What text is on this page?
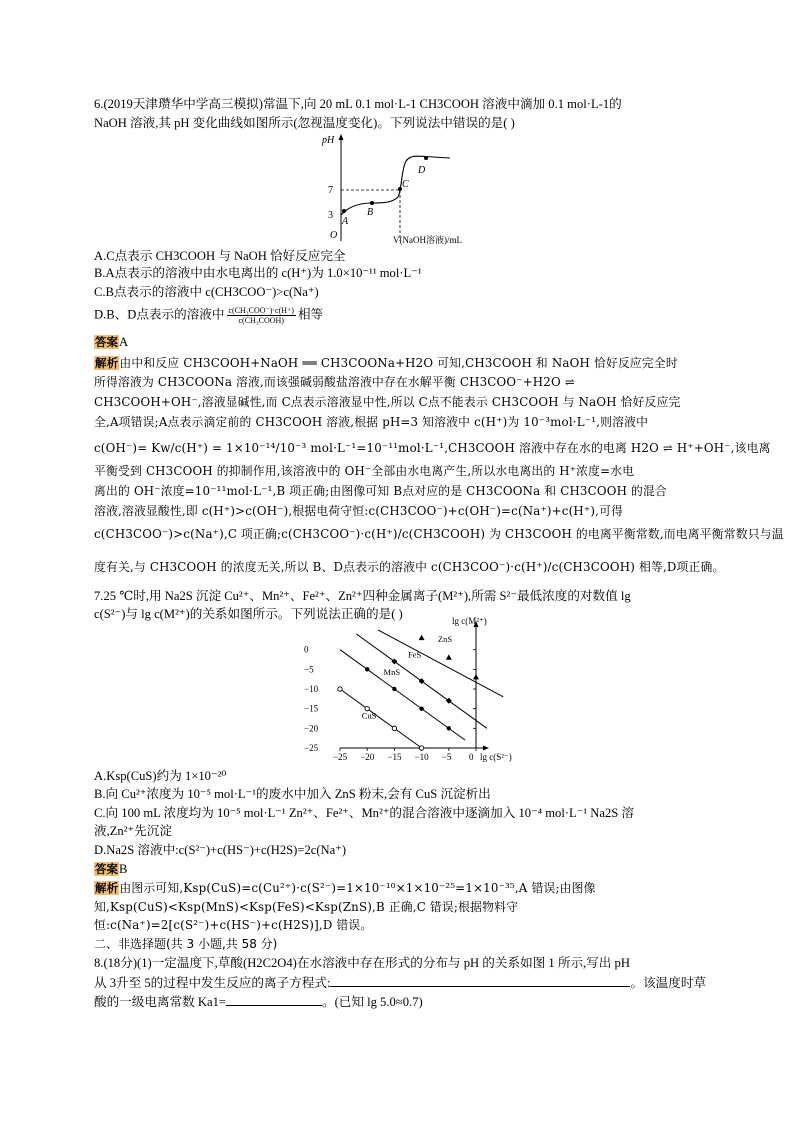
6.(2019天津瓒华中学高三模拟)常温下,向 20 mL 0.1 mol·L-1 CH3COOH 溶液中滴加 0.1 mol·L-1的
NaOH 溶液,其 pH 变化曲线如图所示(忽视温度变化)。下列说法中错误的是( )
pH
7
3
A
B
C
D
O	V(NaOH溶液)/mL
A.C点表示 CH3COOH 与 NaOH 恰好反应完全
B.A点表示的溶液中由水电离出的 c(H⁺)为 1.0×10⁻¹¹ mol·L⁻¹
C.B点表示的溶液中 c(CH3COO⁻)>c(Na⁺)
D.B、D点表示的溶液中 $\frac{\text{c(CH₃COO⁻)·c(H⁺)}}{\text{c(CH₃COOH)}}$ 相等
答案A
解析由中和反应 CH3COOH+NaOH ══ CH3COONa+H2O 可知,CH3COOH 和 NaOH 恰好反应完全时
所得溶液为 CH3COONa 溶液,而该强碱弱酸盐溶液中存在水解平衡 CH3COO⁻+H2O ⇌
CH3COOH+OH⁻,溶液显碱性,而 C点表示溶液显中性,所以 C点不能表示 CH3COOH 与 NaOH 恰好反应完
全,A项错误;A点表示滴定前的 CH3COOH 溶液,根据 pH=3 知溶液中 c(H⁺)为 10⁻³mol·L⁻¹,则溶液中
c(OH⁻)= Kw/c(H⁺) = 1×10⁻¹⁴/10⁻³ mol·L⁻¹=10⁻¹¹mol·L⁻¹,CH3COOH 溶液中存在水的电离 H2O ⇌ H⁺+OH⁻,该电离
平衡受到 CH3COOH 的抑制作用,该溶液中的 OH⁻全部由水电离产生,所以水电离出的 H⁺浓度=水电
离出的 OH⁻浓度=10⁻¹¹mol·L⁻¹,B 项正确;由图像可知 B点对应的是 CH3COONa 和 CH3COOH 的混合
溶液,溶液显酸性,即 c(H⁺)>c(OH⁻),根据电荷守恒:c(CH3COO⁻)+c(OH⁻)=c(Na⁺)+c(H⁺),可得
c(CH3COO⁻)>c(Na⁺),C 项正确;c(CH3COO⁻)·c(H⁺)/c(CH3COOH) 为 CH3COOH 的电离平衡常数,而电离平衡常数只与温
度有关,与 CH3COOH 的浓度无关,所以 B、D点表示的溶液中 c(CH3COO⁻)·c(H⁺)/c(CH3COOH) 相等,D项正确。
7.25 ℃时,用 Na2S 沉淀 Cu²⁺、Mn²⁺、Fe²⁺、Zn²⁺四种金属离子(M²⁺),所需 S²⁻最低浓度的对数值 lg
c(S²⁻)与 lg c(M²⁺)的关系如图所示。下列说法正确的是( )	lg c(M²⁺)
lg c(S²⁻)
0
−5
−10
−15
−20
−25
−25 −20 −15 −10 −5 0
CuS
MnS
FeS
ZnS
A.Ksp(CuS)约为 1×10⁻²⁰
B.向 Cu²⁺浓度为 10⁻⁵ mol·L⁻¹的废水中加入 ZnS 粉末,会有 CuS 沉淀析出
C.向 100 mL 浓度均为 10⁻⁵ mol·L⁻¹ Zn²⁺、Fe²⁺、Mn²⁺的混合溶液中逐滴加入 10⁻⁴ mol·L⁻¹ Na2S 溶
液,Zn²⁺先沉淀
D.Na2S 溶液中:c(S²⁻)+c(HS⁻)+c(H2S)=2c(Na⁺)
答案B
解析由图示可知,Ksp(CuS)=c(Cu²⁺)·c(S²⁻)=1×10⁻¹⁰×1×10⁻²⁵=1×10⁻³⁵,A 错误;由图像
知,Ksp(CuS)<Ksp(MnS)<Ksp(FeS)<Ksp(ZnS),B 正确,C 错误;根据物料守
恒:c(Na⁺)=2[c(S²⁻)+c(HS⁻)+c(H2S)],D 错误。
二、非选择题(共 3 小题,共 58 分)
8.(18分)(1)一定温度下,草酸(H2C2O4)在水溶液中存在形式的分布与 pH 的关系如图 1 所示,写出 pH
从 3升至 5的过程中发生反应的离子方程式:	。该温度时草
酸的一级电离常数 Ka1=	。(已知 lg 5.0≈0.7)
